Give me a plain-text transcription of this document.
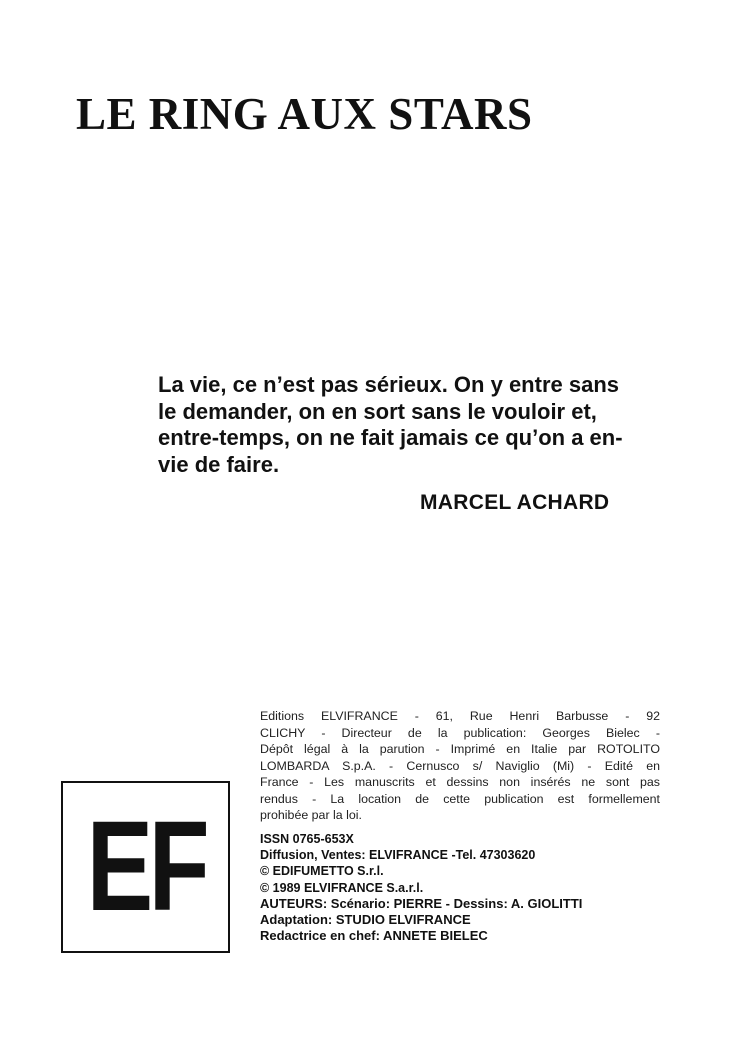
LE RING AUX STARS
La vie, ce n’est pas sérieux. On y entre sans
le demander, on en sort sans le vouloir et,
entre-temps, on ne fait jamais ce qu’on a en-
vie de faire.
MARCEL ACHARD
EF
Editions ELVIFRANCE - 61, Rue Henri Barbusse - 92
CLICHY - Directeur de la publication: Georges Bielec -
Dépôt légal à la parution - Imprimé en Italie par ROTOLITO
LOMBARDA S.p.A. - Cernusco s/ Naviglio (Mi) - Edité en
France - Les manuscrits et dessins non insérés ne sont pas
rendus - La location de cette publication est formellement
prohibée par la loi.
ISSN 0765-653X
Diffusion, Ventes: ELVIFRANCE -Tel. 47303620
© EDIFUMETTO S.r.l.
© 1989 ELVIFRANCE S.a.r.l.
AUTEURS: Scénario: PIERRE - Dessins: A. GIOLITTI
Adaptation: STUDIO ELVIFRANCE
Redactrice en chef: ANNETE BIELEC
